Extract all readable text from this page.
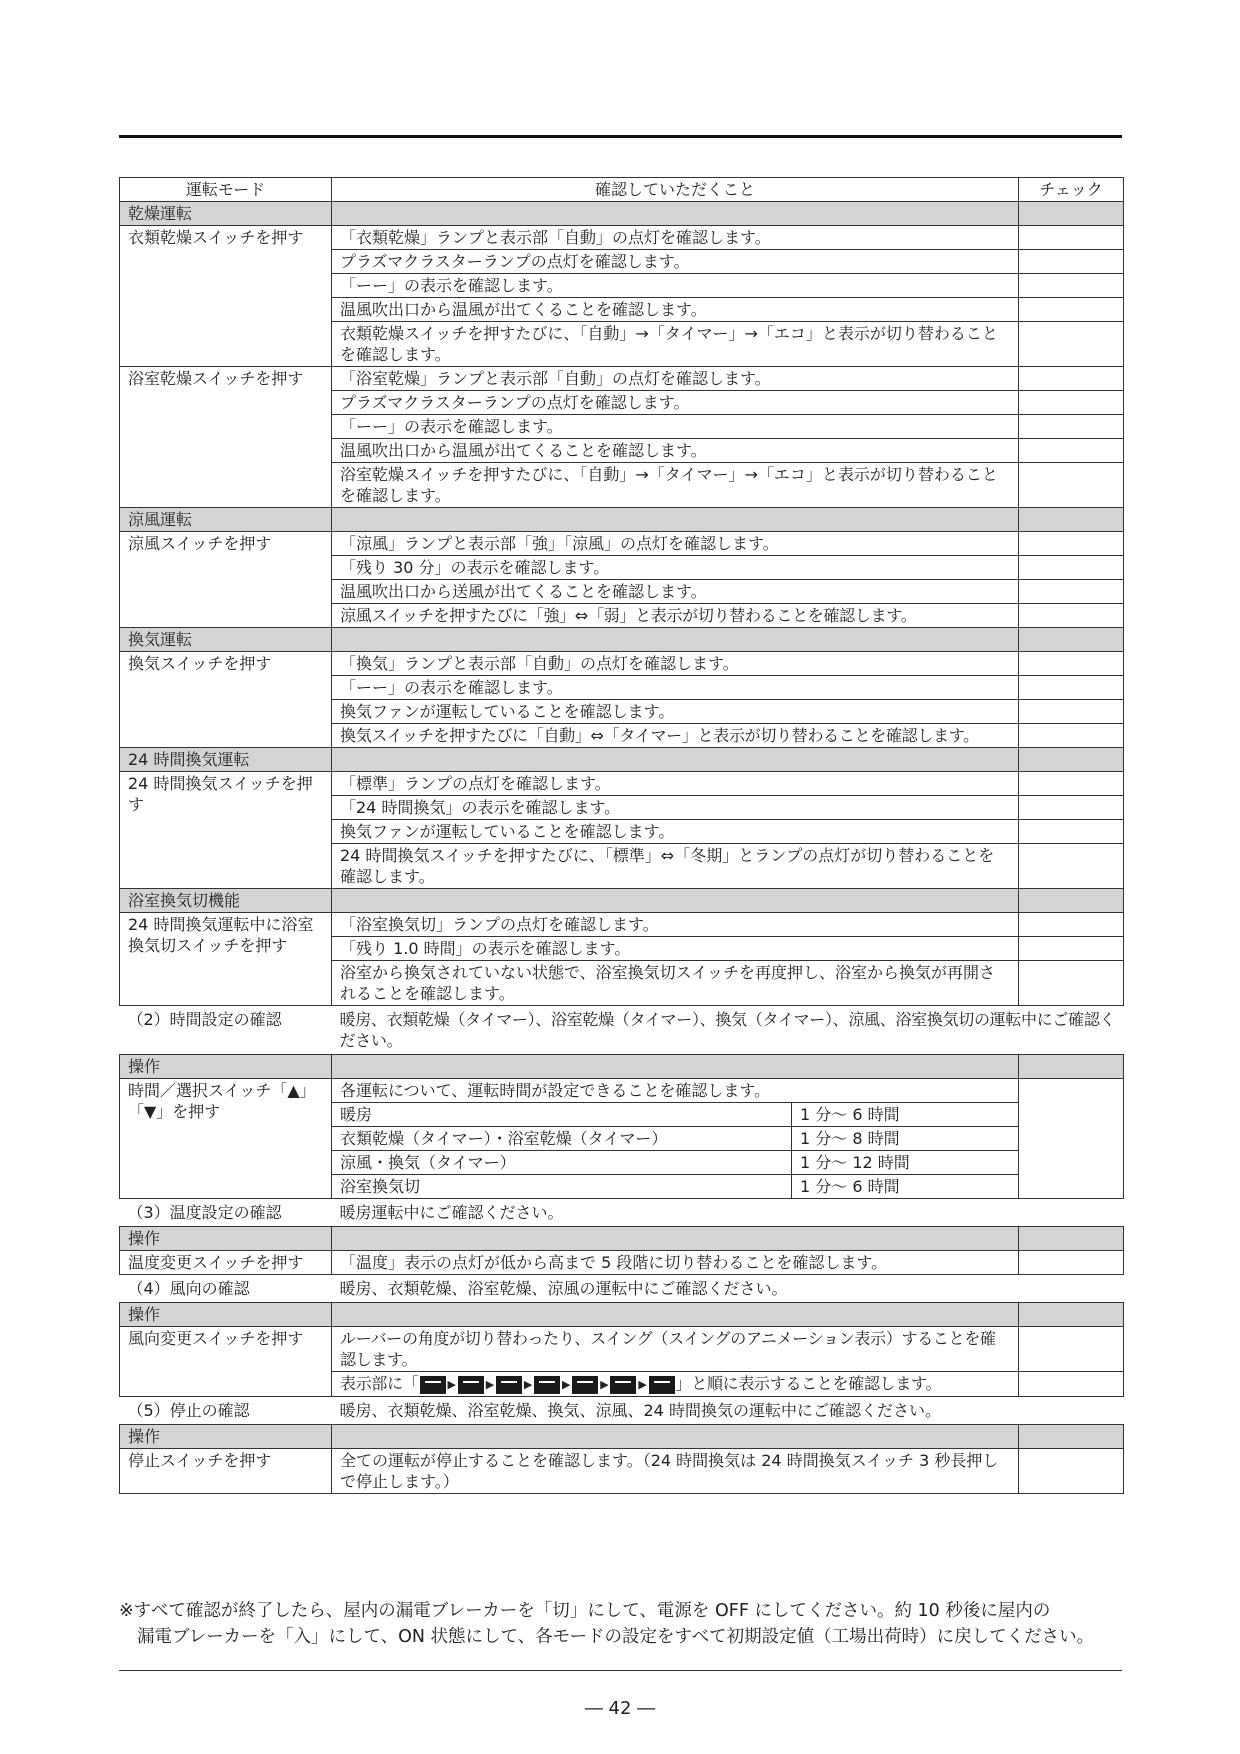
運転モード	確認していただくこと		チェック
乾燥運転			
衣類乾燥スイッチを押す	「衣類乾燥」ランプと表示部「自動」の点灯を確認します。		
	プラズマクラスターランプの点灯を確認します。		
	「ーー」の表示を確認します。		
	温風吹出口から温風が出てくることを確認します。		
	衣類乾燥スイッチを押すたびに、「自動」→「タイマー」→「エコ」と表示が切り替わることを確認します。		
浴室乾燥スイッチを押す	「浴室乾燥」ランプと表示部「自動」の点灯を確認します。		
	プラズマクラスターランプの点灯を確認します。		
	「ーー」の表示を確認します。		
	温風吹出口から温風が出てくることを確認します。		
	浴室乾燥スイッチを押すたびに、「自動」→「タイマー」→「エコ」と表示が切り替わることを確認します。		
涼風運転			
涼風スイッチを押す	「涼風」ランプと表示部「強」「涼風」の点灯を確認します。		
	「残り 30 分」の表示を確認します。		
	温風吹出口から送風が出てくることを確認します。		
	涼風スイッチを押すたびに「強」⇔「弱」と表示が切り替わることを確認します。		
換気運転			
換気スイッチを押す	「換気」ランプと表示部「自動」の点灯を確認します。		
	「ーー」の表示を確認します。		
	換気ファンが運転していることを確認します。		
	換気スイッチを押すたびに「自動」⇔「タイマー」と表示が切り替わることを確認します。		
24 時間換気運転			
24 時間換気スイッチを押す	「標準」ランプの点灯を確認します。		
	「24 時間換気」の表示を確認します。		
	換気ファンが運転していることを確認します。		
	24 時間換気スイッチを押すたびに、「標準」⇔「冬期」とランプの点灯が切り替わることを確認します。		
浴室換気切機能			
24 時間換気運転中に浴室換気切スイッチを押す	「浴室換気切」ランプの点灯を確認します。		
	「残り 1.0 時間」の表示を確認します。		
	浴室から換気されていない状態で、浴室換気切スイッチを再度押し、浴室から換気が再開されることを確認します。		
（2）時間設定の確認	暖房、衣類乾燥（タイマー）、浴室乾燥（タイマー）、換気（タイマー）、涼風、浴室換気切の運転中にご確認ください。		
操作			
時間／選択スイッチ「▲」「▼」を押す	各運転について、運転時間が設定できることを確認します。		
	暖房	1 分～ 6 時間	
	衣類乾燥（タイマー）・浴室乾燥（タイマー）	1 分～ 8 時間	
	涼風・換気（タイマー）	1 分～ 12 時間	
	浴室換気切	1 分～ 6 時間	
（3）温度設定の確認	暖房運転中にご確認ください。		
操作			
温度変更スイッチを押す	「温度」表示の点灯が低から高まで 5 段階に切り替わることを確認します。		
（4）風向の確認	暖房、衣類乾燥、浴室乾燥、涼風の運転中にご確認ください。		
操作			
風向変更スイッチを押す	ルーバーの角度が切り替わったり、スイング（スイングのアニメーション表示）することを確認します。		
	表示部に「 ▶ ▶ ▶ ▶ ▶ ▶ 」と順に表示することを確認します。		
（5）停止の確認	暖房、衣類乾燥、浴室乾燥、換気、涼風、24 時間換気の運転中にご確認ください。		
操作			
停止スイッチを押す	全ての運転が停止することを確認します。（24 時間換気は 24 時間換気スイッチ 3 秒長押しで停止します。）		
※すべて確認が終了したら、屋内の漏電ブレーカーを「切」にして、電源を OFF にしてください。約 10 秒後に屋内の
漏電ブレーカーを「入」にして、ON 状態にして、各モードの設定をすべて初期設定値（工場出荷時）に戻してください。
― 42 ―
